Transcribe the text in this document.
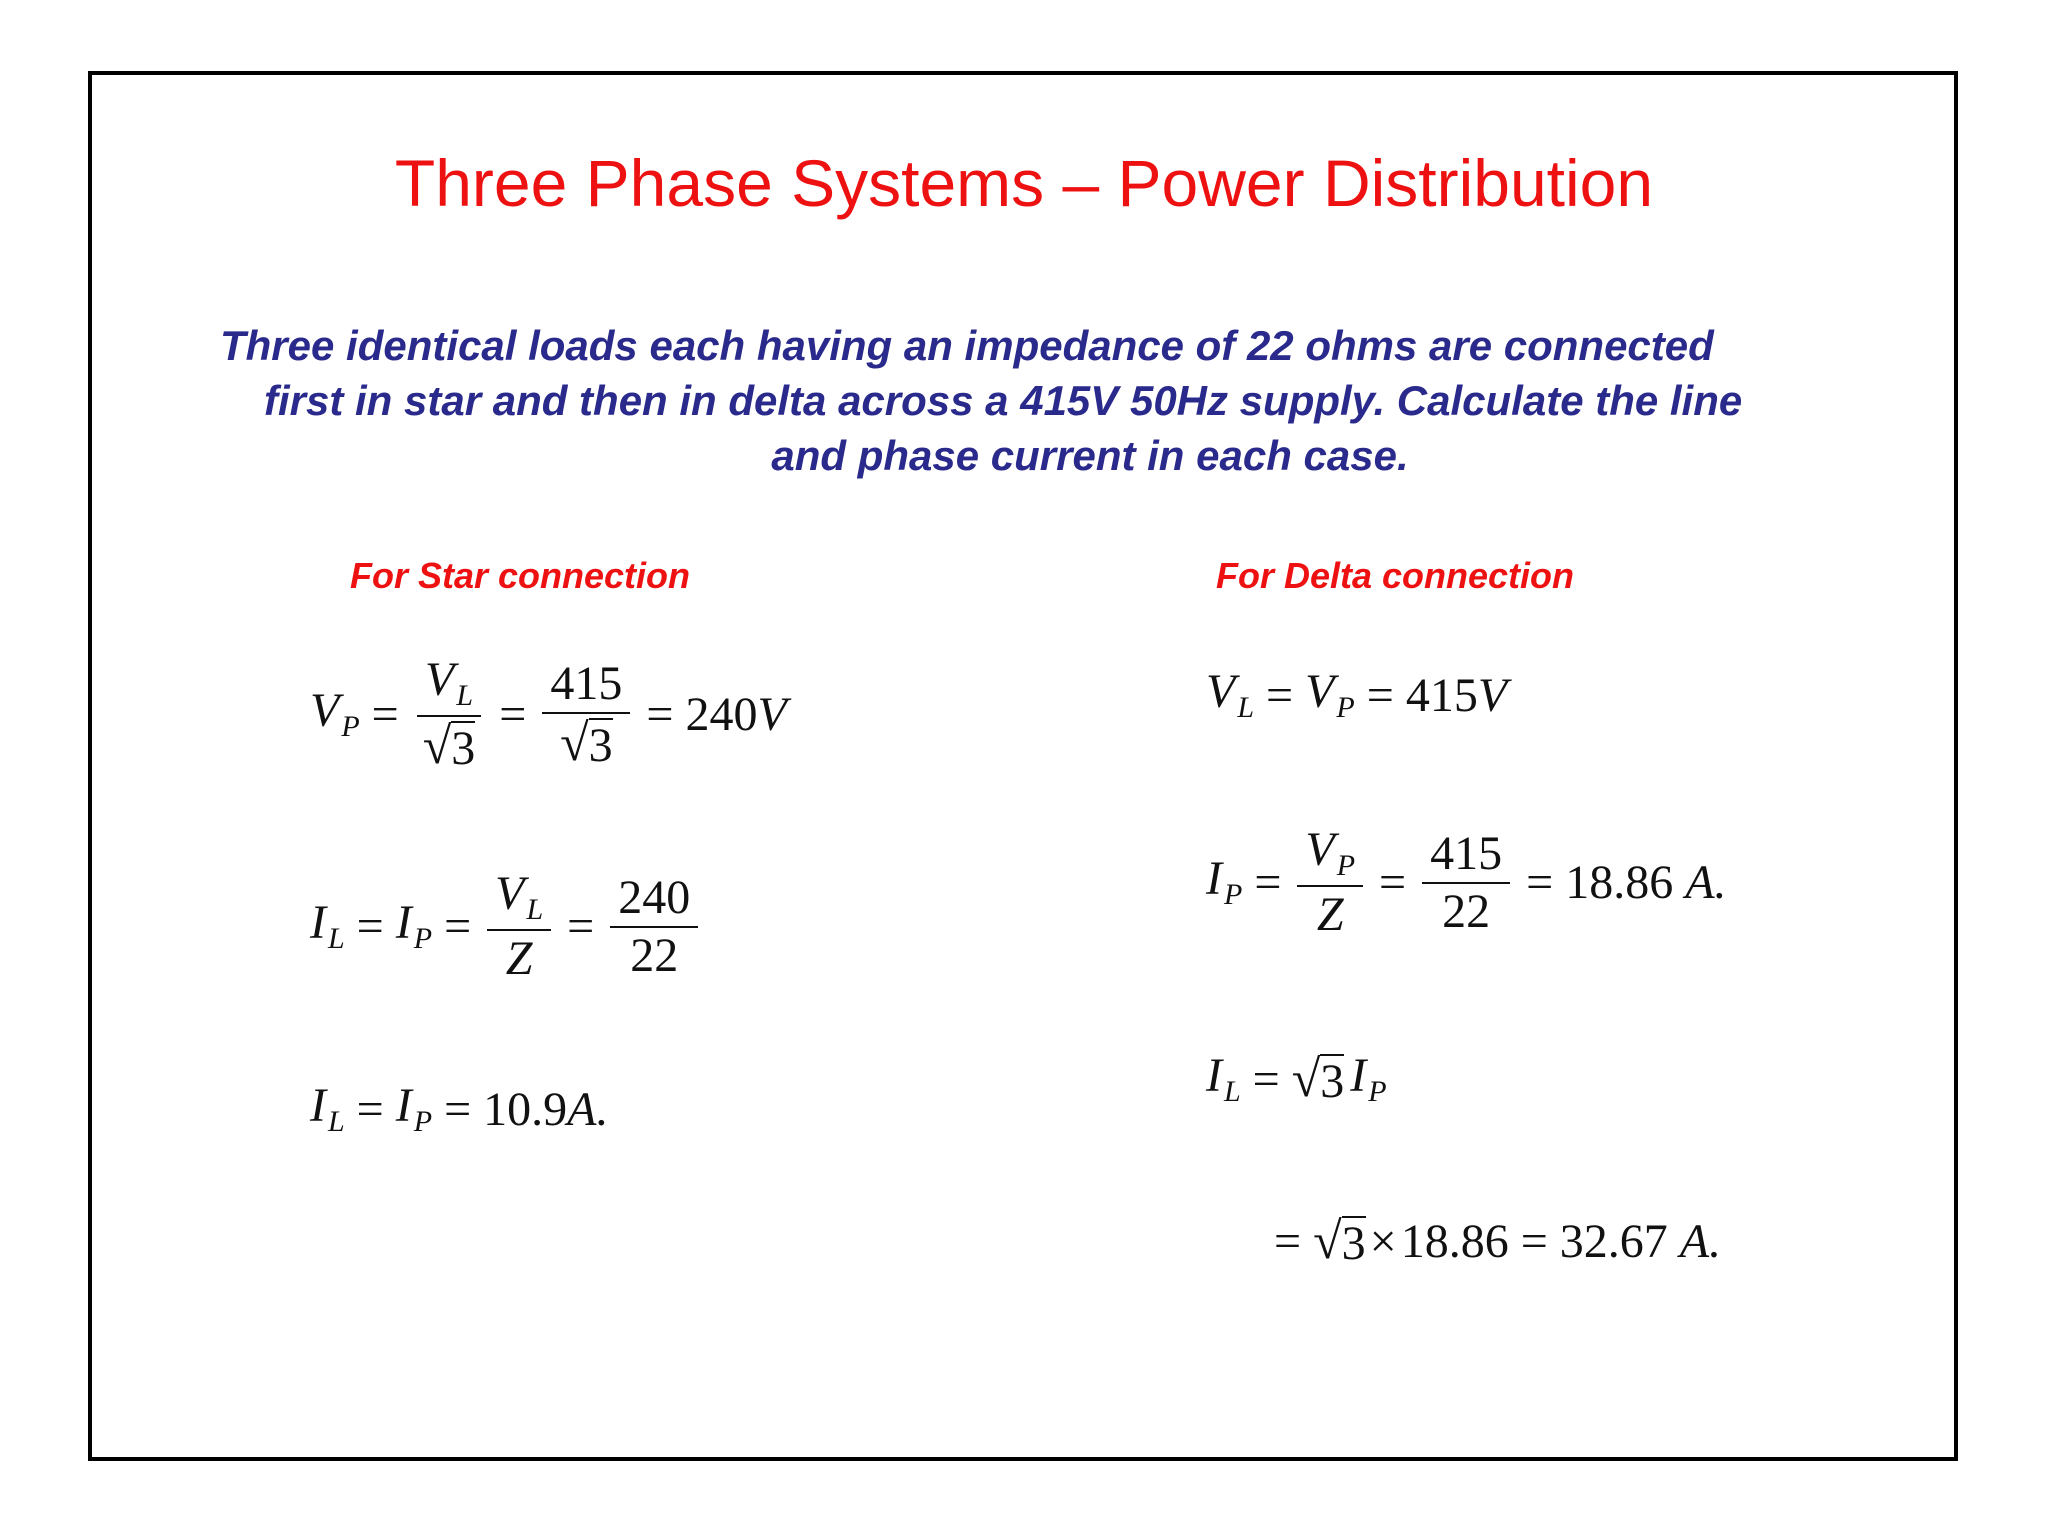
Three Phase Systems – Power Distribution
Three identical loads each having an impedance of 22 ohms are connected
first in star and then in delta across a 415V 50Hz supply. Calculate the line
and phase current in each case.
For Star connection	For Delta connection
$V_P = \frac{V_L}{√ 3} = \frac{415}{√ 3} = 240V$
$I_L = I_P = \frac{V_L}{Z} = \frac{240}{22}$
$I_L = I_P = 10.9A$.
$V_L = V_P = 415V$
$I_P = \frac{V_P}{Z} = \frac{415}{22} = 18.86$ A.
$I_L$ = √ 3 $I_P$
= √ 3 × 18.86 = 32.67 A.
